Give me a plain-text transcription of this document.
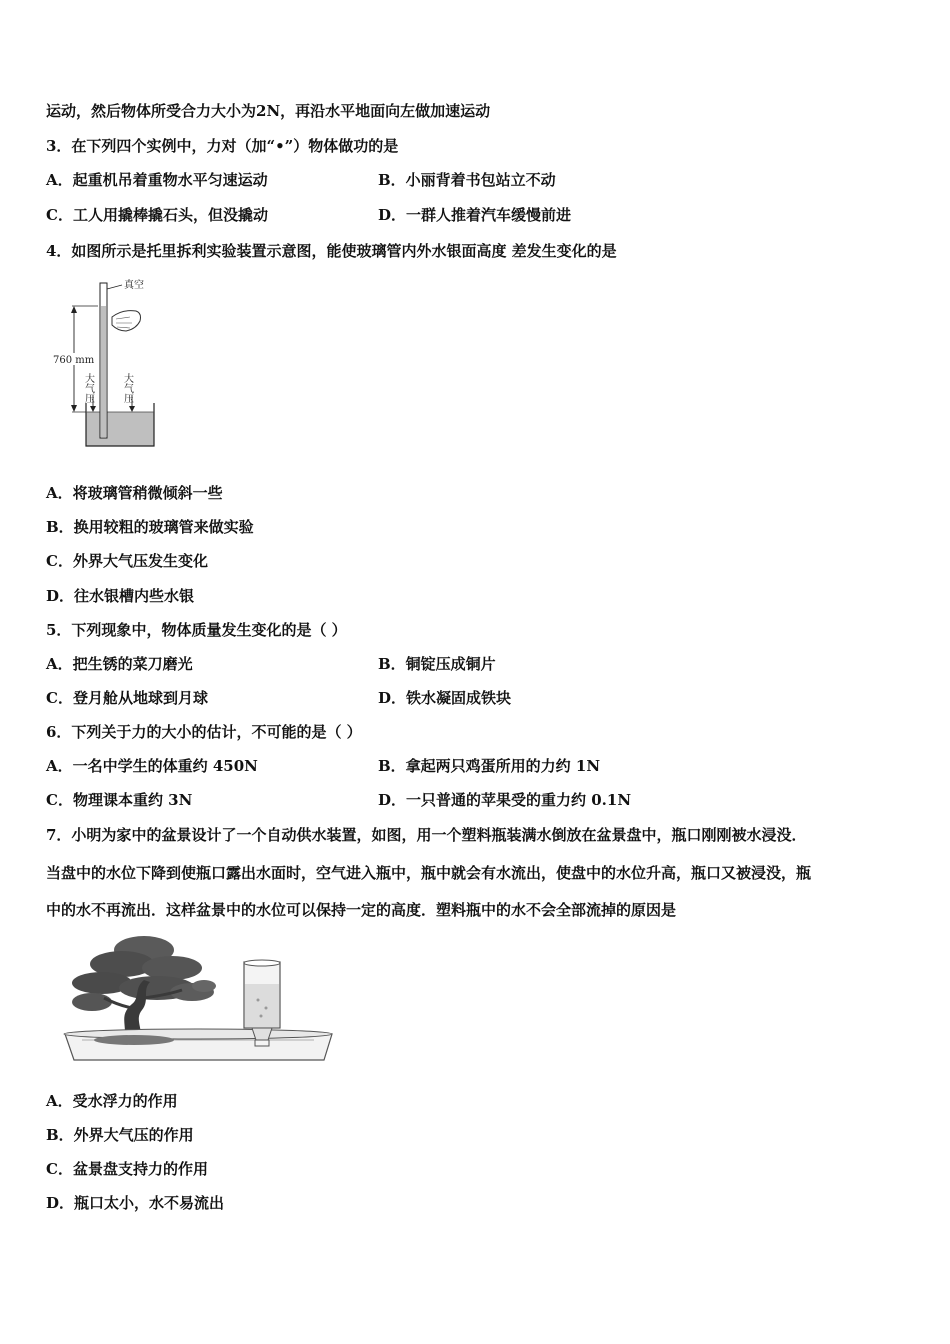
运动，然后物体所受合力大小为2N，再沿水平地面向左做加速运动
3．在下列四个实例中，力对（加“•”）物体做功的是
A．起重机吊着重物水平匀速运动	B．小丽背着书包站立不动
C．工人用撬棒撬石头，但没撬动	D．一群人推着汽车缓慢前进
4．如图所示是托里拆利实验装置示意图，能使玻璃管内外水银面高度 差发生变化的是
真空
760 mm
大气压	大气压
A．将玻璃管稍微倾斜一些
B．换用较粗的玻璃管来做实验
C．外界大气压发生变化
D．往水银槽内些水银
5．下列现象中，物体质量发生变化的是（ ）
A．把生锈的菜刀磨光	B．铜锭压成铜片
C．登月舱从地球到月球	D．铁水凝固成铁块
6．下列关于力的大小的估计，不可能的是（ ）
A．一名中学生的体重约 450N	B．拿起两只鸡蛋所用的力约 1N
C．物理课本重约 3N	D．一只普通的苹果受的重力约 0.1N
7．小明为家中的盆景设计了一个自动供水装置，如图，用一个塑料瓶装满水倒放在盆景盘中，瓶口刚刚被水浸没．
当盘中的水位下降到使瓶口露出水面时，空气进入瓶中，瓶中就会有水流出，使盘中的水位升高，瓶口又被浸没，瓶
中的水不再流出．这样盆景中的水位可以保持一定的高度．塑料瓶中的水不会全部流掉的原因是
A．受水浮力的作用
B．外界大气压的作用
C．盆景盘支持力的作用
D．瓶口太小，水不易流出
